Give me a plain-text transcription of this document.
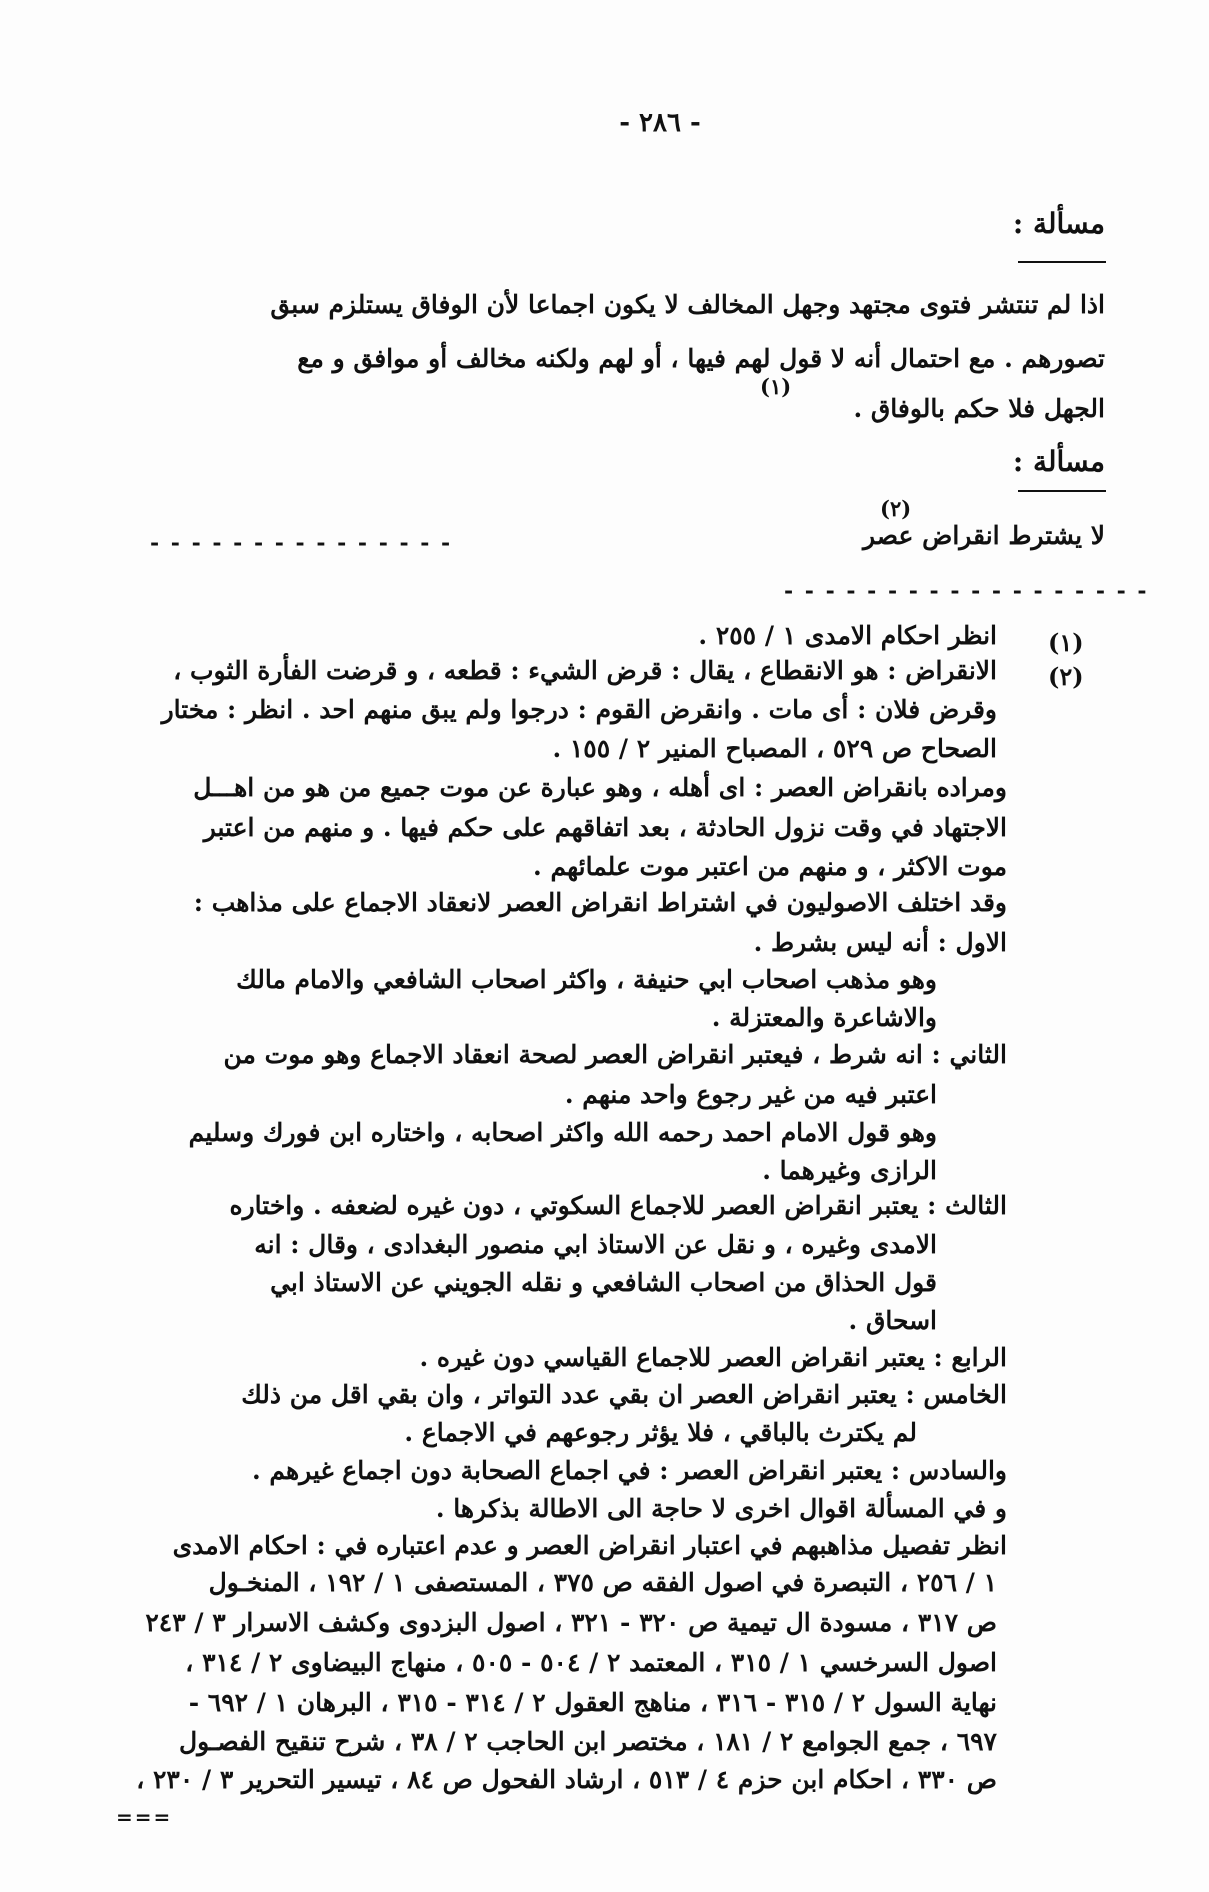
- ٢٨٦ -
مسألة :
اذا لم تنتشر فتوى مجتهد وجهل المخالف لا يكون اجماعا لأن الوفاق يستلزم سبق
تصورهم . مع احتمال أنه لا قول لهم فيها ، أو لهم ولكنه مخالف أو موافق و مع
الجهل فلا حكم بالوفاق .
(١)
مسألة :
لا يشترط انقراض عصر
(٢)
- - - - - - - - - - - - - - -
- - - - - - - - - - - - - - - - - -
(١)
(٢)
انظر احكام الامدى ١ / ٢٥٥ .
الانقراض : هو الانقطاع ، يقال : قرض الشيء : قطعه ، و قرضت الفأرة الثوب ،
وقرض فلان : أى مات . وانقرض القوم : درجوا ولم يبق منهم احد . انظر : مختار
الصحاح ص ٥٢٩ ، المصباح المنير ٢ / ١٥٥ .
ومراده بانقراض العصر : اى أهله ، وهو عبارة عن موت جميع من هو من اهـــل
الاجتهاد في وقت نزول الحادثة ، بعد اتفاقهم على حكم فيها . و منهم من اعتبر
موت الاكثر ، و منهم من اعتبر موت علمائهم .
وقد اختلف الاصوليون في اشتراط انقراض العصر لانعقاد الاجماع على مذاهب :
الاول : أنه ليس بشرط .
وهو مذهب اصحاب ابي حنيفة ، واكثر اصحاب الشافعي والامام مالك
والاشاعرة والمعتزلة .
الثاني : انه شرط ، فيعتبر انقراض العصر لصحة انعقاد الاجماع وهو موت من
اعتبر فيه من غير رجوع واحد منهم .
وهو قول الامام احمد رحمه الله واكثر اصحابه ، واختاره ابن فورك وسليم
الرازى وغيرهما .
الثالث : يعتبر انقراض العصر للاجماع السكوتي ، دون غيره لضعفه . واختاره
الامدى وغيره ، و نقل عن الاستاذ ابي منصور البغدادى ، وقال : انه
قول الحذاق من اصحاب الشافعي و نقله الجويني عن الاستاذ ابي
اسحاق .
الرابع : يعتبر انقراض العصر للاجماع القياسي دون غيره .
الخامس : يعتبر انقراض العصر ان بقي عدد التواتر ، وان بقي اقل من ذلك
لم يكترث بالباقي ، فلا يؤثر رجوعهم في الاجماع .
والسادس : يعتبر انقراض العصر : في اجماع الصحابة دون اجماع غيرهم .
و في المسألة اقوال اخرى لا حاجة الى الاطالة بذكرها .
انظر تفصيل مذاهبهم في اعتبار انقراض العصر و عدم اعتباره في : احكام الامدى
١ / ٢٥٦ ، التبصرة في اصول الفقه ص ٣٧٥ ، المستصفى ١ / ١٩٢ ، المنخـول
ص ٣١٧ ، مسودة ال تيمية ص ٣٢٠ - ٣٢١ ، اصول البزدوى وكشف الاسرار ٣ / ٢٤٣
اصول السرخسي ١ / ٣١٥ ، المعتمد ٢ / ٥٠٤ - ٥٠٥ ، منهاج البيضاوى ٢ / ٣١٤ ،
نهاية السول ٢ / ٣١٥ - ٣١٦ ، مناهج العقول ٢ / ٣١٤ - ٣١٥ ، البرهان ١ / ٦٩٢ -
٦٩٧ ، جمع الجوامع ٢ / ١٨١ ، مختصر ابن الحاجب ٢ / ٣٨ ، شرح تنقيح الفصـول
ص ٣٣٠ ، احكام ابن حزم ٤ / ٥١٣ ، ارشاد الفحول ص ٨٤ ، تيسير التحرير ٣ / ٢٣٠ ،
===
